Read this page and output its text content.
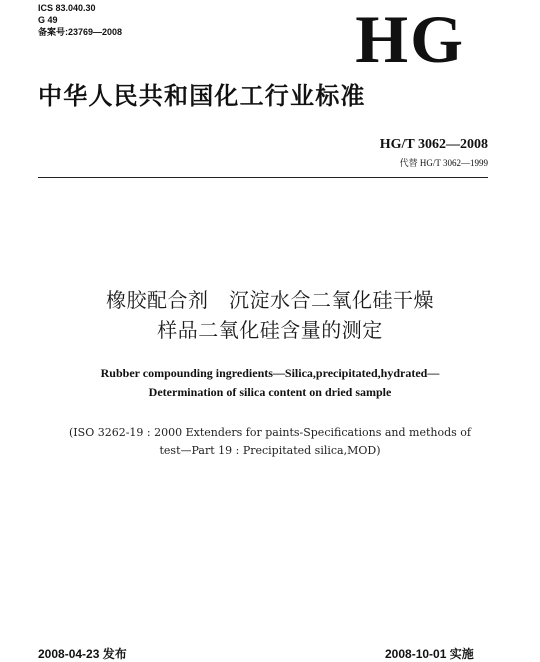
ICS 83.040.30
G 49
备案号:23769—2008	HG
中华人民共和国化工行业标准
HG/T 3062—2008
代替 HG/T 3062—1999
橡胶配合剂　沉淀水合二氧化硅干燥
样品二氧化硅含量的测定
Rubber compounding ingredients—Silica,precipitated,hydrated—
Determination of silica content on dried sample
(ISO 3262-19 : 2000 Extenders for paints-Specifications and methods of
test—Part 19 : Precipitated silica,MOD)
2008-04-23 发布	2008-10-01 实施
